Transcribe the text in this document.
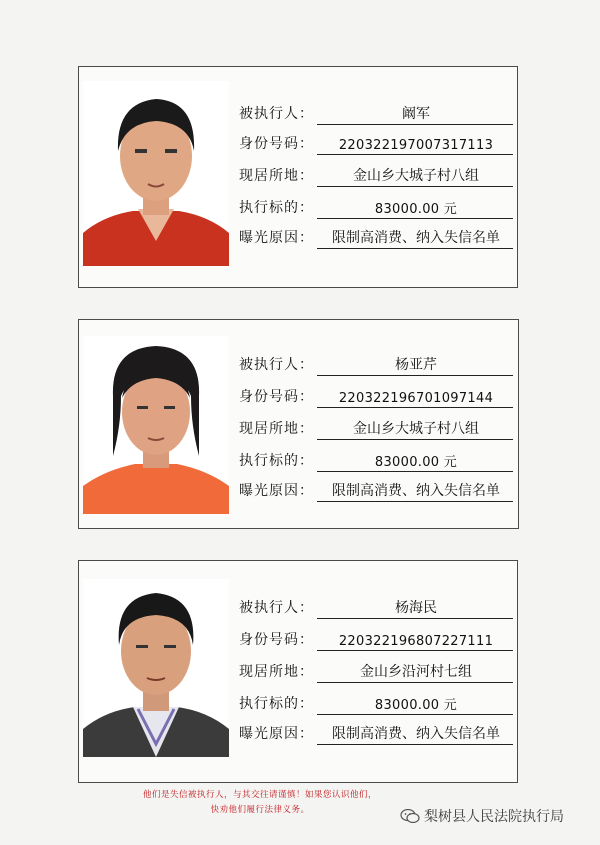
被执行人：	阚军
身份号码：	220322197007317113
现居所地：	金山乡大城子村八组
执行标的：	83000.00 元
曝光原因：	限制高消费、纳入失信名单
被执行人：	杨亚芹
身份号码：	220322196701097144
现居所地：	金山乡大城子村八组
执行标的：	83000.00 元
曝光原因：	限制高消费、纳入失信名单
被执行人：	杨海民
身份号码：	220322196807227111
现居所地：	金山乡沿河村七组
执行标的：	83000.00 元
曝光原因：	限制高消费、纳入失信名单
他们是失信被执行人，与其交往请谨慎！如果您认识他们，
快劝他们履行法律义务。	梨树县人民法院执行局
